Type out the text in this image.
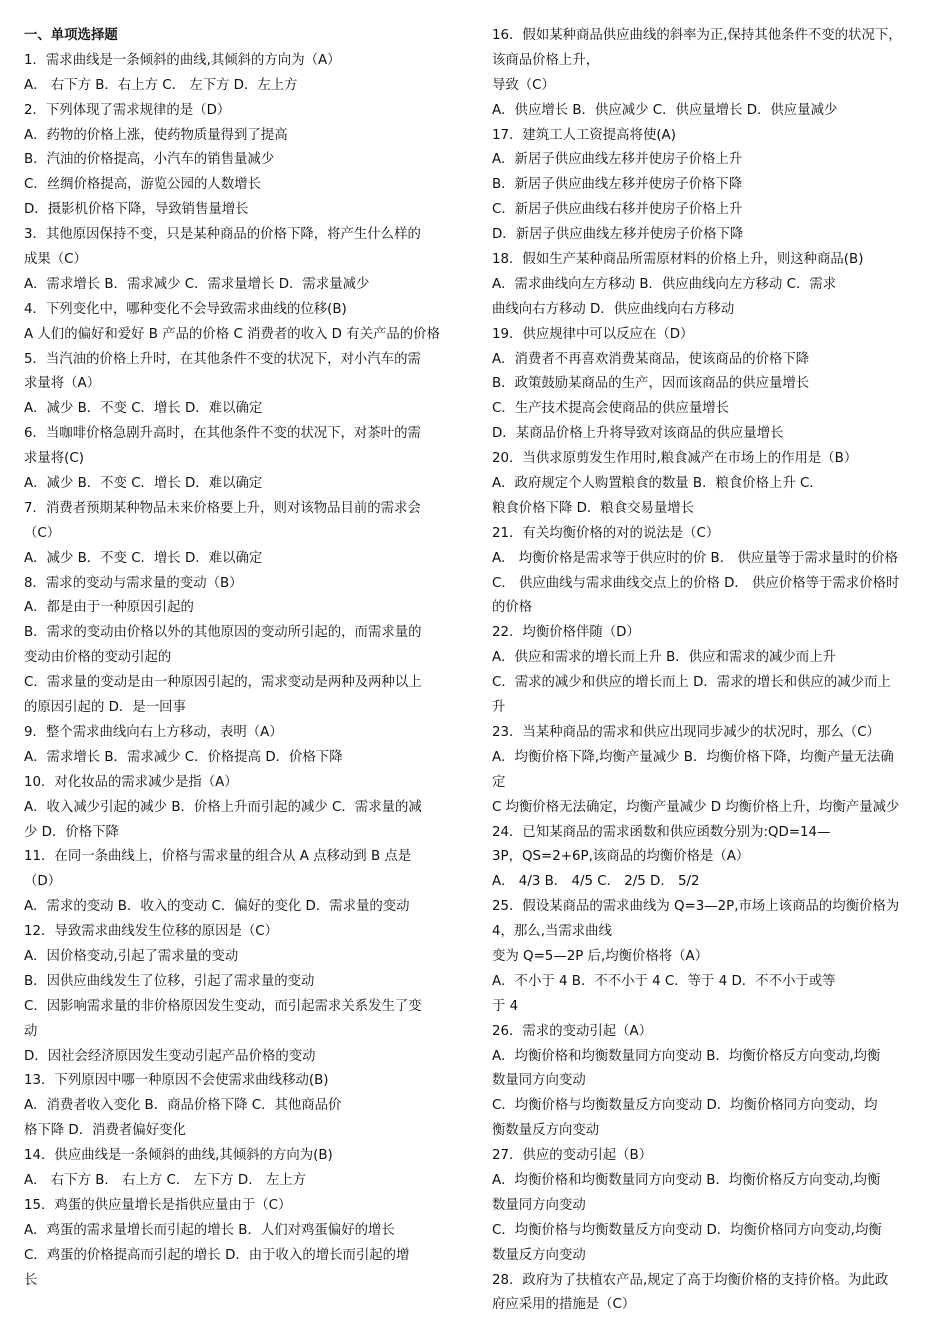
一、单项选择题
1．需求曲线是一条倾斜的曲线,其倾斜的方向为（A）
A． 右下方 B．右上方 C． 左下方 D．左上方
2．下列体现了需求规律的是（D）
A．药物的价格上涨，使药物质量得到了提高
B．汽油的价格提高，小汽车的销售量减少
C．丝绸价格提高，游览公园的人数增长
D．摄影机价格下降，导致销售量增长
3．其他原因保持不变，只是某种商品的价格下降，将产生什么样的
成果（C）
A．需求增长 B．需求减少 C．需求量增长 D．需求量减少
4．下列变化中，哪种变化不会导致需求曲线的位移(B)
A 人们的偏好和爱好 B 产品的价格 C 消费者的收入 D 有关产品的价格
5．当汽油的价格上升时，在其他条件不变的状况下，对小汽车的需
求量将（A）
A．减少 B．不变 C．增长 D．难以确定
6．当咖啡价格急剧升高时，在其他条件不变的状况下，对茶叶的需
求量将(C)
A．减少 B．不变 C．增长 D．难以确定
7．消费者预期某种物品未来价格要上升，则对该物品目前的需求会
（C）
A．减少 B．不变 C．增长 D．难以确定
8．需求的变动与需求量的变动（B）
A．都是由于一种原因引起的
B．需求的变动由价格以外的其他原因的变动所引起的，而需求量的
变动由价格的变动引起的
C．需求量的变动是由一种原因引起的，需求变动是两种及两种以上
的原因引起的 D．是一回事
9．整个需求曲线向右上方移动，表明（A）
A．需求增长 B．需求减少 C．价格提高 D．价格下降
10．对化妆品的需求减少是指（A）
A．收入减少引起的减少 B．价格上升而引起的减少 C．需求量的减
少 D．价格下降
11．在同一条曲线上，价格与需求量的组合从 A 点移动到 B 点是
（D）
A．需求的变动 B．收入的变动 C．偏好的变化 D．需求量的变动
12．导致需求曲线发生位移的原因是（C）
A．因价格变动,引起了需求量的变动
B．因供应曲线发生了位移，引起了需求量的变动
C．因影响需求量的非价格原因发生变动，而引起需求关系发生了变
动
D．因社会经济原因发生变动引起产品价格的变动
13．下列原因中哪一种原因不会使需求曲线移动(B)
A．消费者收入变化 B．商品价格下降 C．其他商品价
格下降 D．消费者偏好变化
14．供应曲线是一条倾斜的曲线,其倾斜的方向为(B)
A． 右下方 B． 右上方 C． 左下方 D． 左上方
15．鸡蛋的供应量增长是指供应量由于（C）
A．鸡蛋的需求量增长而引起的增长 B．人们对鸡蛋偏好的增长
C．鸡蛋的价格提高而引起的增长 D．由于收入的增长而引起的增
长
16．假如某种商品供应曲线的斜率为正,保持其他条件不变的状况下，
该商品价格上升，
导致（C）
A．供应增长 B．供应减少 C．供应量增长 D．供应量减少
17．建筑工人工资提高将使(A)
A．新居子供应曲线左移并使房子价格上升
B．新居子供应曲线左移并使房子价格下降
C．新居子供应曲线右移并使房子价格上升
D．新居子供应曲线左移并使房子价格下降
18．假如生产某种商品所需原材料的价格上升，则这种商品(B)
A．需求曲线向左方移动 B．供应曲线向左方移动 C．需求
曲线向右方移动 D．供应曲线向右方移动
19．供应规律中可以反应在（D）
A．消费者不再喜欢消费某商品，使该商品的价格下降
B．政策鼓励某商品的生产，因而该商品的供应量增长
C．生产技术提高会使商品的供应量增长
D．某商品价格上升将导致对该商品的供应量增长
20．当供求原剪发生作用时,粮食减产在市场上的作用是（B）
A．政府规定个人购置粮食的数量 B．粮食价格上升 C．
粮食价格下降 D．粮食交易量增长
21．有关均衡价格的对的说法是（C）
A． 均衡价格是需求等于供应时的价 B． 供应量等于需求量时的价格
C． 供应曲线与需求曲线交点上的价格 D． 供应价格等于需求价格时
的价格
22．均衡价格伴随（D）
A．供应和需求的增长而上升 B．供应和需求的减少而上升
C．需求的减少和供应的增长而上 D．需求的增长和供应的减少而上
升
23．当某种商品的需求和供应出现同步减少的状况时，那么（C）
A．均衡价格下降,均衡产量减少 B．均衡价格下降，均衡产量无法确
定
C 均衡价格无法确定，均衡产量减少 D 均衡价格上升，均衡产量减少
24．已知某商品的需求函数和供应函数分别为:QD=14—
3P，QS=2+6P,该商品的均衡价格是（A）
A． 4/3 B． 4/5 C． 2/5 D． 5/2
25．假设某商品的需求曲线为 Q=3—2P,市场上该商品的均衡价格为
4，那么,当需求曲线
变为 Q=5—2P 后,均衡价格将（A）
A．不小于 4 B．不不小于 4 C．等于 4 D．不不小于或等
于 4
26．需求的变动引起（A）
A．均衡价格和均衡数量同方向变动 B．均衡价格反方向变动,均衡
数量同方向变动
C．均衡价格与均衡数量反方向变动 D．均衡价格同方向变动，均
衡数量反方向变动
27．供应的变动引起（B）
A．均衡价格和均衡数量同方向变动 B．均衡价格反方向变动,均衡
数量同方向变动
C．均衡价格与均衡数量反方向变动 D．均衡价格同方向变动,均衡
数量反方向变动
28．政府为了扶植农产品,规定了高于均衡价格的支持价格。为此政
府应采用的措施是（C）
